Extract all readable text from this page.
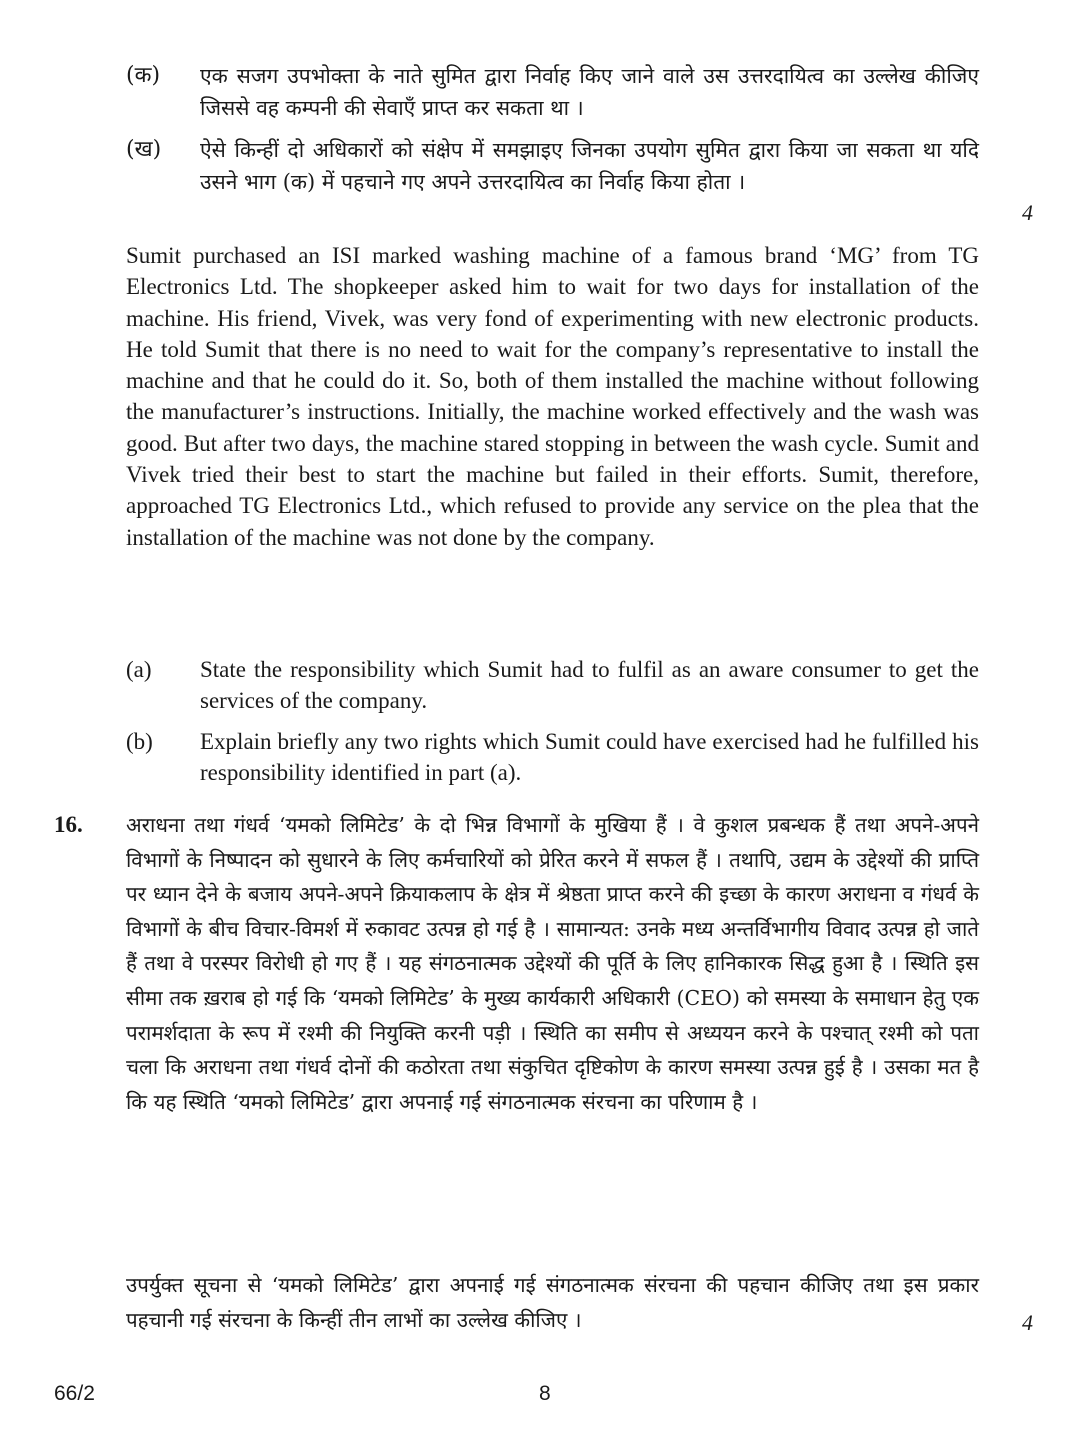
(क) एक सजग उपभोक्ता के नाते सुमित द्वारा निर्वाह किए जाने वाले उस उत्तरदायित्व का उल्लेख कीजिए जिससे वह कम्पनी की सेवाएँ प्राप्त कर सकता था ।
(ख) ऐसे किन्हीं दो अधिकारों को संक्षेप में समझाइए जिनका उपयोग सुमित द्वारा किया जा सकता था यदि उसने भाग (क) में पहचाने गए अपने उत्तरदायित्व का निर्वाह किया होता ।
4
Sumit purchased an ISI marked washing machine of a famous brand ‘MG’ from TG Electronics Ltd. The shopkeeper asked him to wait for two days for installation of the machine. His friend, Vivek, was very fond of experimenting with new electronic products. He told Sumit that there is no need to wait for the company’s representative to install the machine and that he could do it. So, both of them installed the machine without following the manufacturer’s instructions. Initially, the machine worked effectively and the wash was good. But after two days, the machine stared stopping in between the wash cycle. Sumit and Vivek tried their best to start the machine but failed in their efforts. Sumit, therefore, approached TG Electronics Ltd., which refused to provide any service on the plea that the installation of the machine was not done by the company.
(a) State the responsibility which Sumit had to fulfil as an aware consumer to get the services of the company.
(b) Explain briefly any two rights which Sumit could have exercised had he fulfilled his responsibility identified in part (a).
16. अराधना तथा गंधर्व ‘यमको लिमिटेड’ के दो भिन्न विभागों के मुखिया हैं । वे कुशल प्रबन्धक हैं तथा अपने-अपने विभागों के निष्पादन को सुधारने के लिए कर्मचारियों को प्रेरित करने में सफल हैं । तथापि, उद्यम के उद्देश्यों की प्राप्ति पर ध्यान देने के बजाय अपने-अपने क्रियाकलाप के क्षेत्र में श्रेष्ठता प्राप्त करने की इच्छा के कारण अराधना व गंधर्व के विभागों के बीच विचार-विमर्श में रुकावट उत्पन्न हो गई है । सामान्यत: उनके मध्य अन्तर्विभागीय विवाद उत्पन्न हो जाते हैं तथा वे परस्पर विरोधी हो गए हैं । यह संगठनात्मक उद्देश्यों की पूर्ति के लिए हानिकारक सिद्ध हुआ है । स्थिति इस सीमा तक ख़राब हो गई कि ‘यमको लिमिटेड’ के मुख्य कार्यकारी अधिकारी (CEO) को समस्या के समाधान हेतु एक परामर्शदाता के रूप में रश्मी की नियुक्ति करनी पड़ी । स्थिति का समीप से अध्ययन करने के पश्चात् रश्मी को पता चला कि अराधना तथा गंधर्व दोनों की कठोरता तथा संकुचित दृष्टिकोण के कारण समस्या उत्पन्न हुई है । उसका मत है कि यह स्थिति ‘यमको लिमिटेड’ द्वारा अपनाई गई संगठनात्मक संरचना का परिणाम है ।
उपर्युक्त सूचना से ‘यमको लिमिटेड’ द्वारा अपनाई गई संगठनात्मक संरचना की पहचान कीजिए तथा इस प्रकार पहचानी गई संरचना के किन्हीं तीन लाभों का उल्लेख कीजिए ।	4
66/2	8
